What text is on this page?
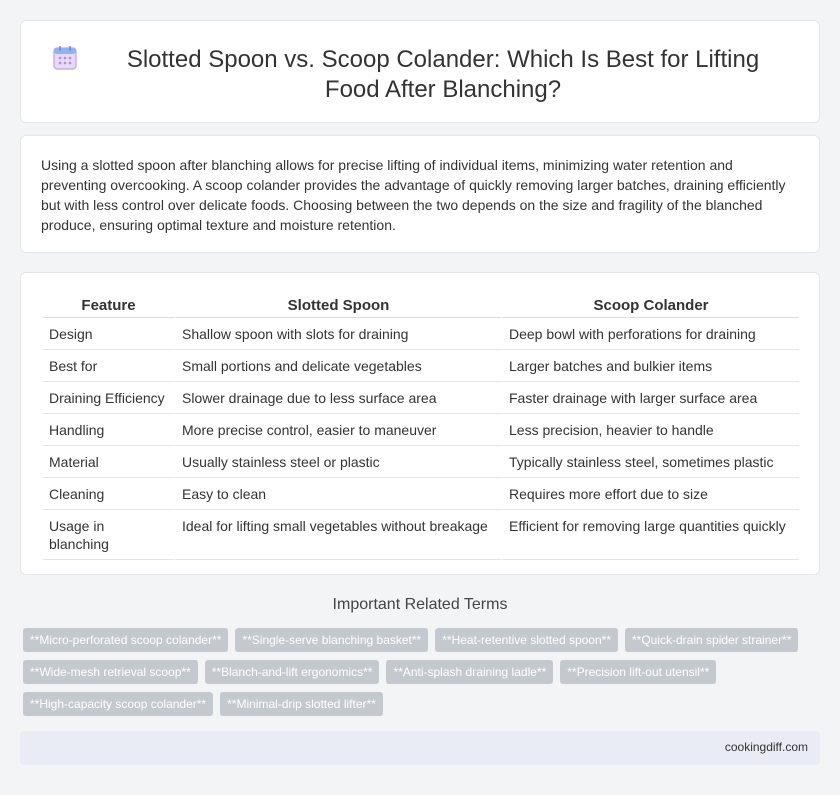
Slotted Spoon vs. Scoop Colander: Which Is Best for Lifting Food After Blanching?

Using a slotted spoon after blanching allows for precise lifting of individual items, minimizing water retention and preventing overcooking. A scoop colander provides the advantage of quickly removing larger batches, draining efficiently but with less control over delicate foods. Choosing between the two depends on the size and fragility of the blanched produce, ensuring optimal texture and moisture retention.

Feature	Slotted Spoon	Scoop Colander
Design	Shallow spoon with slots for draining	Deep bowl with perforations for draining
Best for	Small portions and delicate vegetables	Larger batches and bulkier items
Draining Efficiency	Slower drainage due to less surface area	Faster drainage with larger surface area
Handling	More precise control, easier to maneuver	Less precision, heavier to handle
Material	Usually stainless steel or plastic	Typically stainless steel, sometimes plastic
Cleaning	Easy to clean	Requires more effort due to size
Usage in blanching	Ideal for lifting small vegetables without breakage	Efficient for removing large quantities quickly
Important Related Terms
**Micro-perforated scoop colander**	**Single-serve blanching basket**	**Heat-retentive slotted spoon**	**Quick-drain spider strainer**
**Wide-mesh retrieval scoop**	**Blanch-and-lift ergonomics**	**Anti-splash draining ladle**	**Precision lift-out utensil**
**High-capacity scoop colander**	**Minimal-drip slotted lifter**
cookingdiff.com
